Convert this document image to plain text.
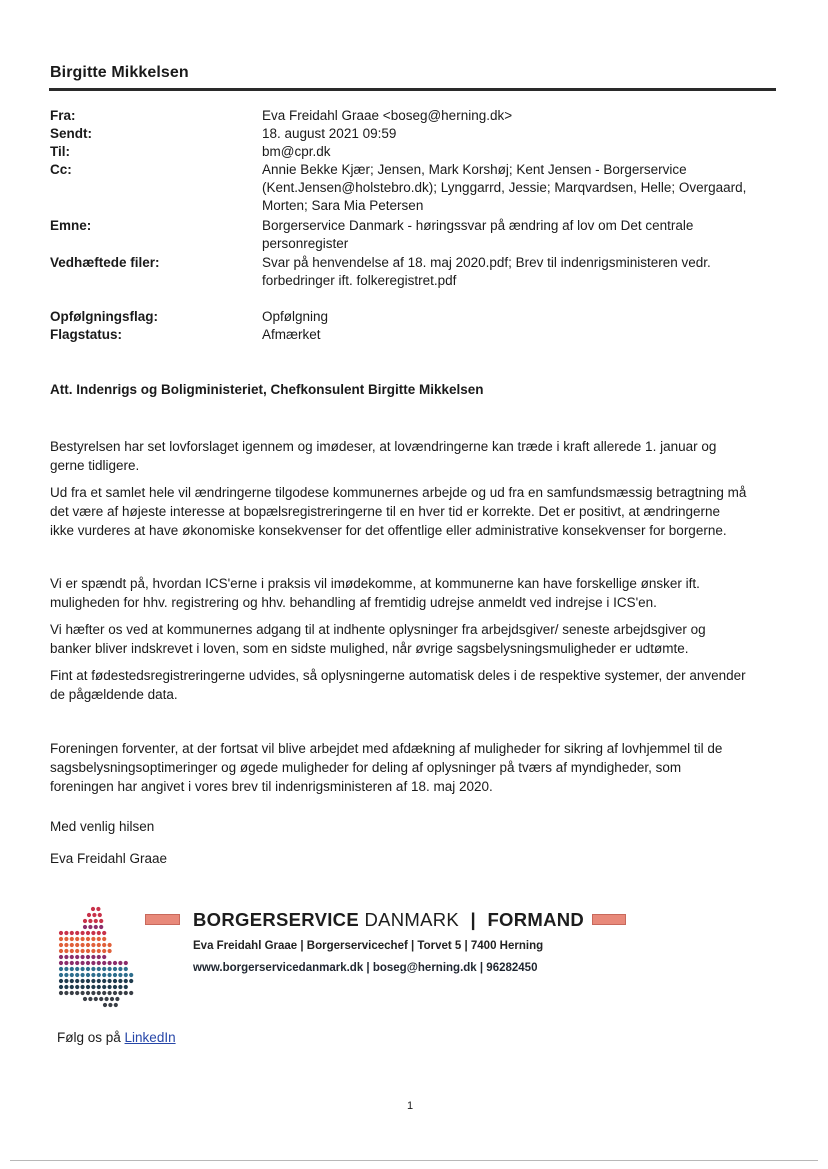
Birgitte Mikkelsen
Fra:
Sendt:
Til:
Cc:
Emne:
Vedhæftede filer:
Opfølgningsflag:
Flagstatus:
Eva Freidahl Graae <boseg@herning.dk>
18. august 2021 09:59
bm@cpr.dk
Annie Bekke Kjær; Jensen, Mark Korshøj; Kent Jensen - Borgerservice
(Kent.Jensen@holstebro.dk); Lynggarrd, Jessie; Marqvardsen, Helle; Overgaard,
Morten; Sara Mia Petersen
Borgerservice Danmark - høringssvar på ændring af lov om Det centrale
personregister
Svar på henvendelse af 18. maj 2020.pdf; Brev til indenrigsministeren vedr.
forbedringer ift. folkeregistret.pdf
Opfølgning
Afmærket
Att. Indenrigs og Boligministeriet, Chefkonsulent Birgitte Mikkelsen
Bestyrelsen har set lovforslaget igennem og imødeser, at lovændringerne kan træde i kraft allerede 1. januar og
gerne tidligere.
Ud fra et samlet hele vil ændringerne tilgodese kommunernes arbejde og ud fra en samfundsmæssig betragtning må
det være af højeste interesse at bopælsregistreringerne til en hver tid er korrekte. Det er positivt, at ændringerne
ikke vurderes at have økonomiske konsekvenser for det offentlige eller administrative konsekvenser for borgerne.
Vi er spændt på, hvordan ICS'erne i praksis vil imødekomme, at kommunerne kan have forskellige ønsker ift.
muligheden for hhv. registrering og hhv. behandling af fremtidig udrejse anmeldt ved indrejse i ICS'en.
Vi hæfter os ved at kommunernes adgang til at indhente oplysninger fra arbejdsgiver/ seneste arbejdsgiver og
banker bliver indskrevet i loven, som en sidste mulighed, når øvrige sagsbelysningsmuligheder er udtømte.
Fint at fødestedsregistreringerne udvides, så oplysningerne automatisk deles i de respektive systemer, der anvender
de pågældende data.
Foreningen forventer, at der fortsat vil blive arbejdet med afdækning af muligheder for sikring af lovhjemmel til de
sagsbelysningsoptimeringer og øgede muligheder for deling af oplysninger på tværs af myndigheder, som
foreningen har angivet i vores brev til indenrigsministeren af 18. maj 2020.
Med venlig hilsen
Eva Freidahl Graae
BORGERSERVICE DANMARK | FORMAND
Eva Freidahl Graae | Borgerservicechef | Torvet 5 | 7400 Herning
www.borgerservicedanmark.dk | boseg@herning.dk | 96282450
Følg os på LinkedIn
1
